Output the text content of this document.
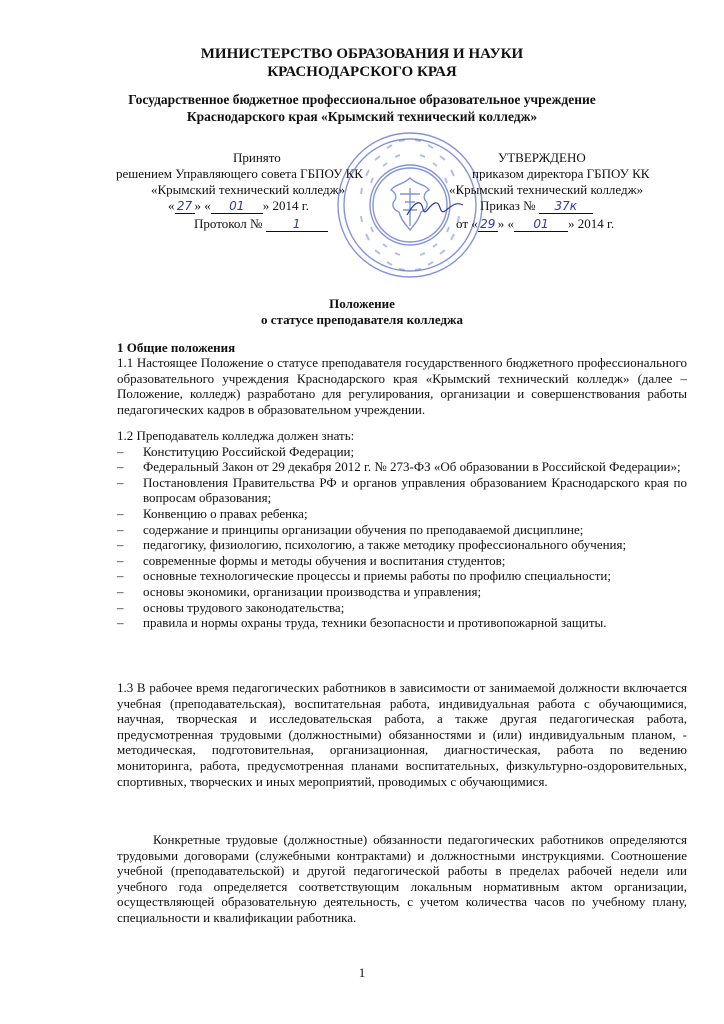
МИНИСТЕРСТВО ОБРАЗОВАНИЯ И НАУКИ
КРАСНОДАРСКОГО КРАЯ
Государственное бюджетное профессиональное образовательное учреждение
Краснодарского края «Крымский технический колледж»
Принято
решением Управляющего совета ГБПОУ КК
«Крымский технический колледж»
« 27 » « 01 » 2014 г.
Протокол №	1
УТВЕРЖДЕНО
приказом директора ГБПОУ КК
«Крымский технический колледж»
Приказ № 37к
от « 29 » « 01 » 2014 г.
Положение
о статусе преподавателя колледжа
1 Общие положения

1.1 Настоящее Положение о статусе преподавателя государственного бюджетного профессионального образовательного учреждения Краснодарского края «Крымский технический колледж» (далее – Положение, колледж) разработано для регулирования, организации и совершенствования работы педагогических кадров в образовательном учреждении.

1.2 Преподаватель колледжа должен знать:

– Конституцию Российской Федерации;
– Федеральный Закон от 29 декабря 2012 г. № 273-ФЗ «Об образовании в Российской Федерации»;
– Постановления Правительства РФ и органов управления образованием Краснодарского края по вопросам образования;
– Конвенцию о правах ребенка;
– содержание и принципы организации обучения по преподаваемой дисциплине;
– педагогику, физиологию, психологию, а также методику профессионального обучения;
– современные формы и методы обучения и воспитания студентов;
– основные технологические процессы и приемы работы по профилю специальности;
– основы экономики, организации производства и управления;
– основы трудового законодательства;
– правила и нормы охраны труда, техники безопасности и противопожарной защиты.

1.3 В рабочее время педагогических работников в зависимости от занимаемой должности включается учебная (преподавательская), воспитательная работа, индивидуальная работа с обучающимися, научная, творческая и исследовательская работа, а также другая педагогическая работа, предусмотренная трудовыми (должностными) обязанностями и (или) индивидуальным планом, - методическая, подготовительная, организационная, диагностическая, работа по ведению мониторинга, работа, предусмотренная планами воспитательных, физкультурно-оздоровительных, спортивных, творческих и иных мероприятий, проводимых с обучающимися.

Конкретные трудовые (должностные) обязанности педагогических работников определяются трудовыми договорами (служебными контрактами) и должностными инструкциями. Соотношение учебной (преподавательской) и другой педагогической работы в пределах рабочей недели или учебного года определяется соответствующим локальным нормативным актом организации, осуществляющей образовательную деятельность, с учетом количества часов по учебному плану, специальности и квалификации работника.

1
